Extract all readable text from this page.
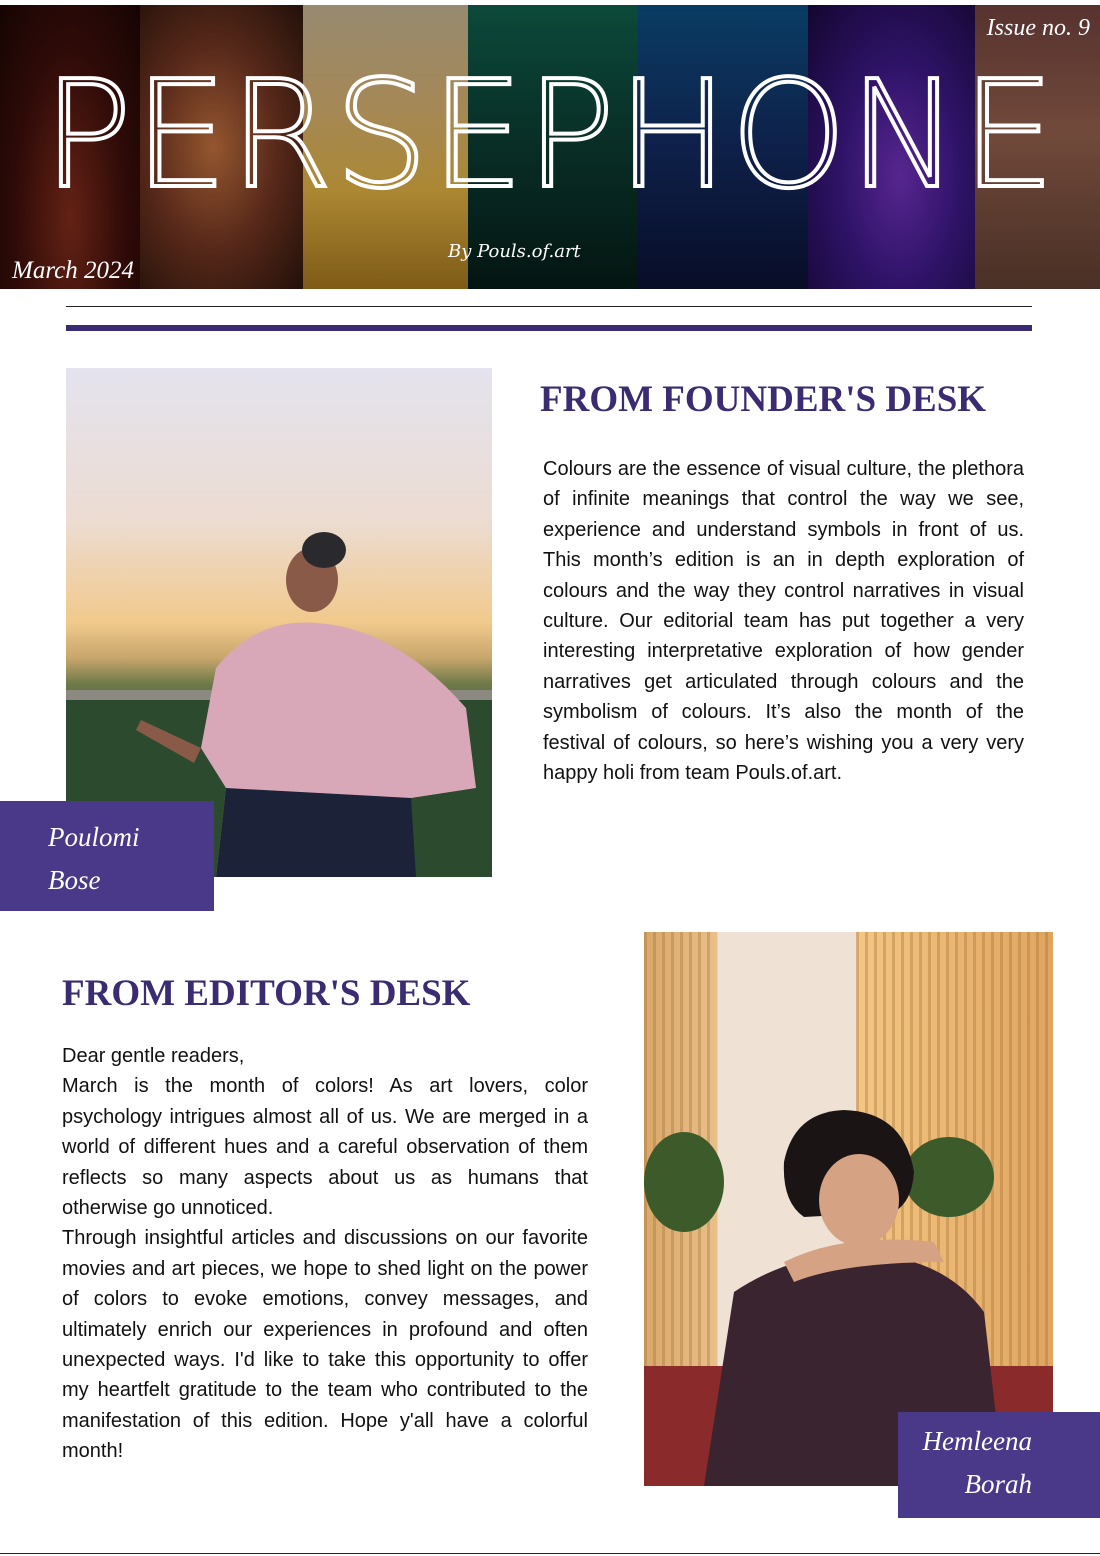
PERSEPHONE
By Pouls.of.art
Issue no. 9
March 2024
Poulomi
Bose
FROM FOUNDER'S DESK
Colours are the essence of visual culture, the plethora of infinite meanings that control the way we see, experience and understand symbols in front of us. This month’s edition is an in depth exploration of colours and the way they control narratives in visual culture. Our editorial team has put together a very interesting interpretative exploration of how gender narratives get articulated through colours and the symbolism of colours. It’s also the month of the festival of colours, so here’s wishing you a very very happy holi from team Pouls.of.art.
FROM EDITOR'S DESK
Dear gentle readers,
March is the month of colors! As art lovers, color psychology intrigues almost all of us. We are merged in a world of different hues and a careful observation of them reflects so many aspects about us as humans that otherwise go unnoticed.
Through insightful articles and discussions on our favorite movies and art pieces, we hope to shed light on the power of colors to evoke emotions, convey messages, and ultimately enrich our experiences in profound and often unexpected ways. I'd like to take this opportunity to offer my heartfelt gratitude to the team who contributed to the manifestation of this edition. Hope y'all have a colorful month!	Hemleena
Borah
